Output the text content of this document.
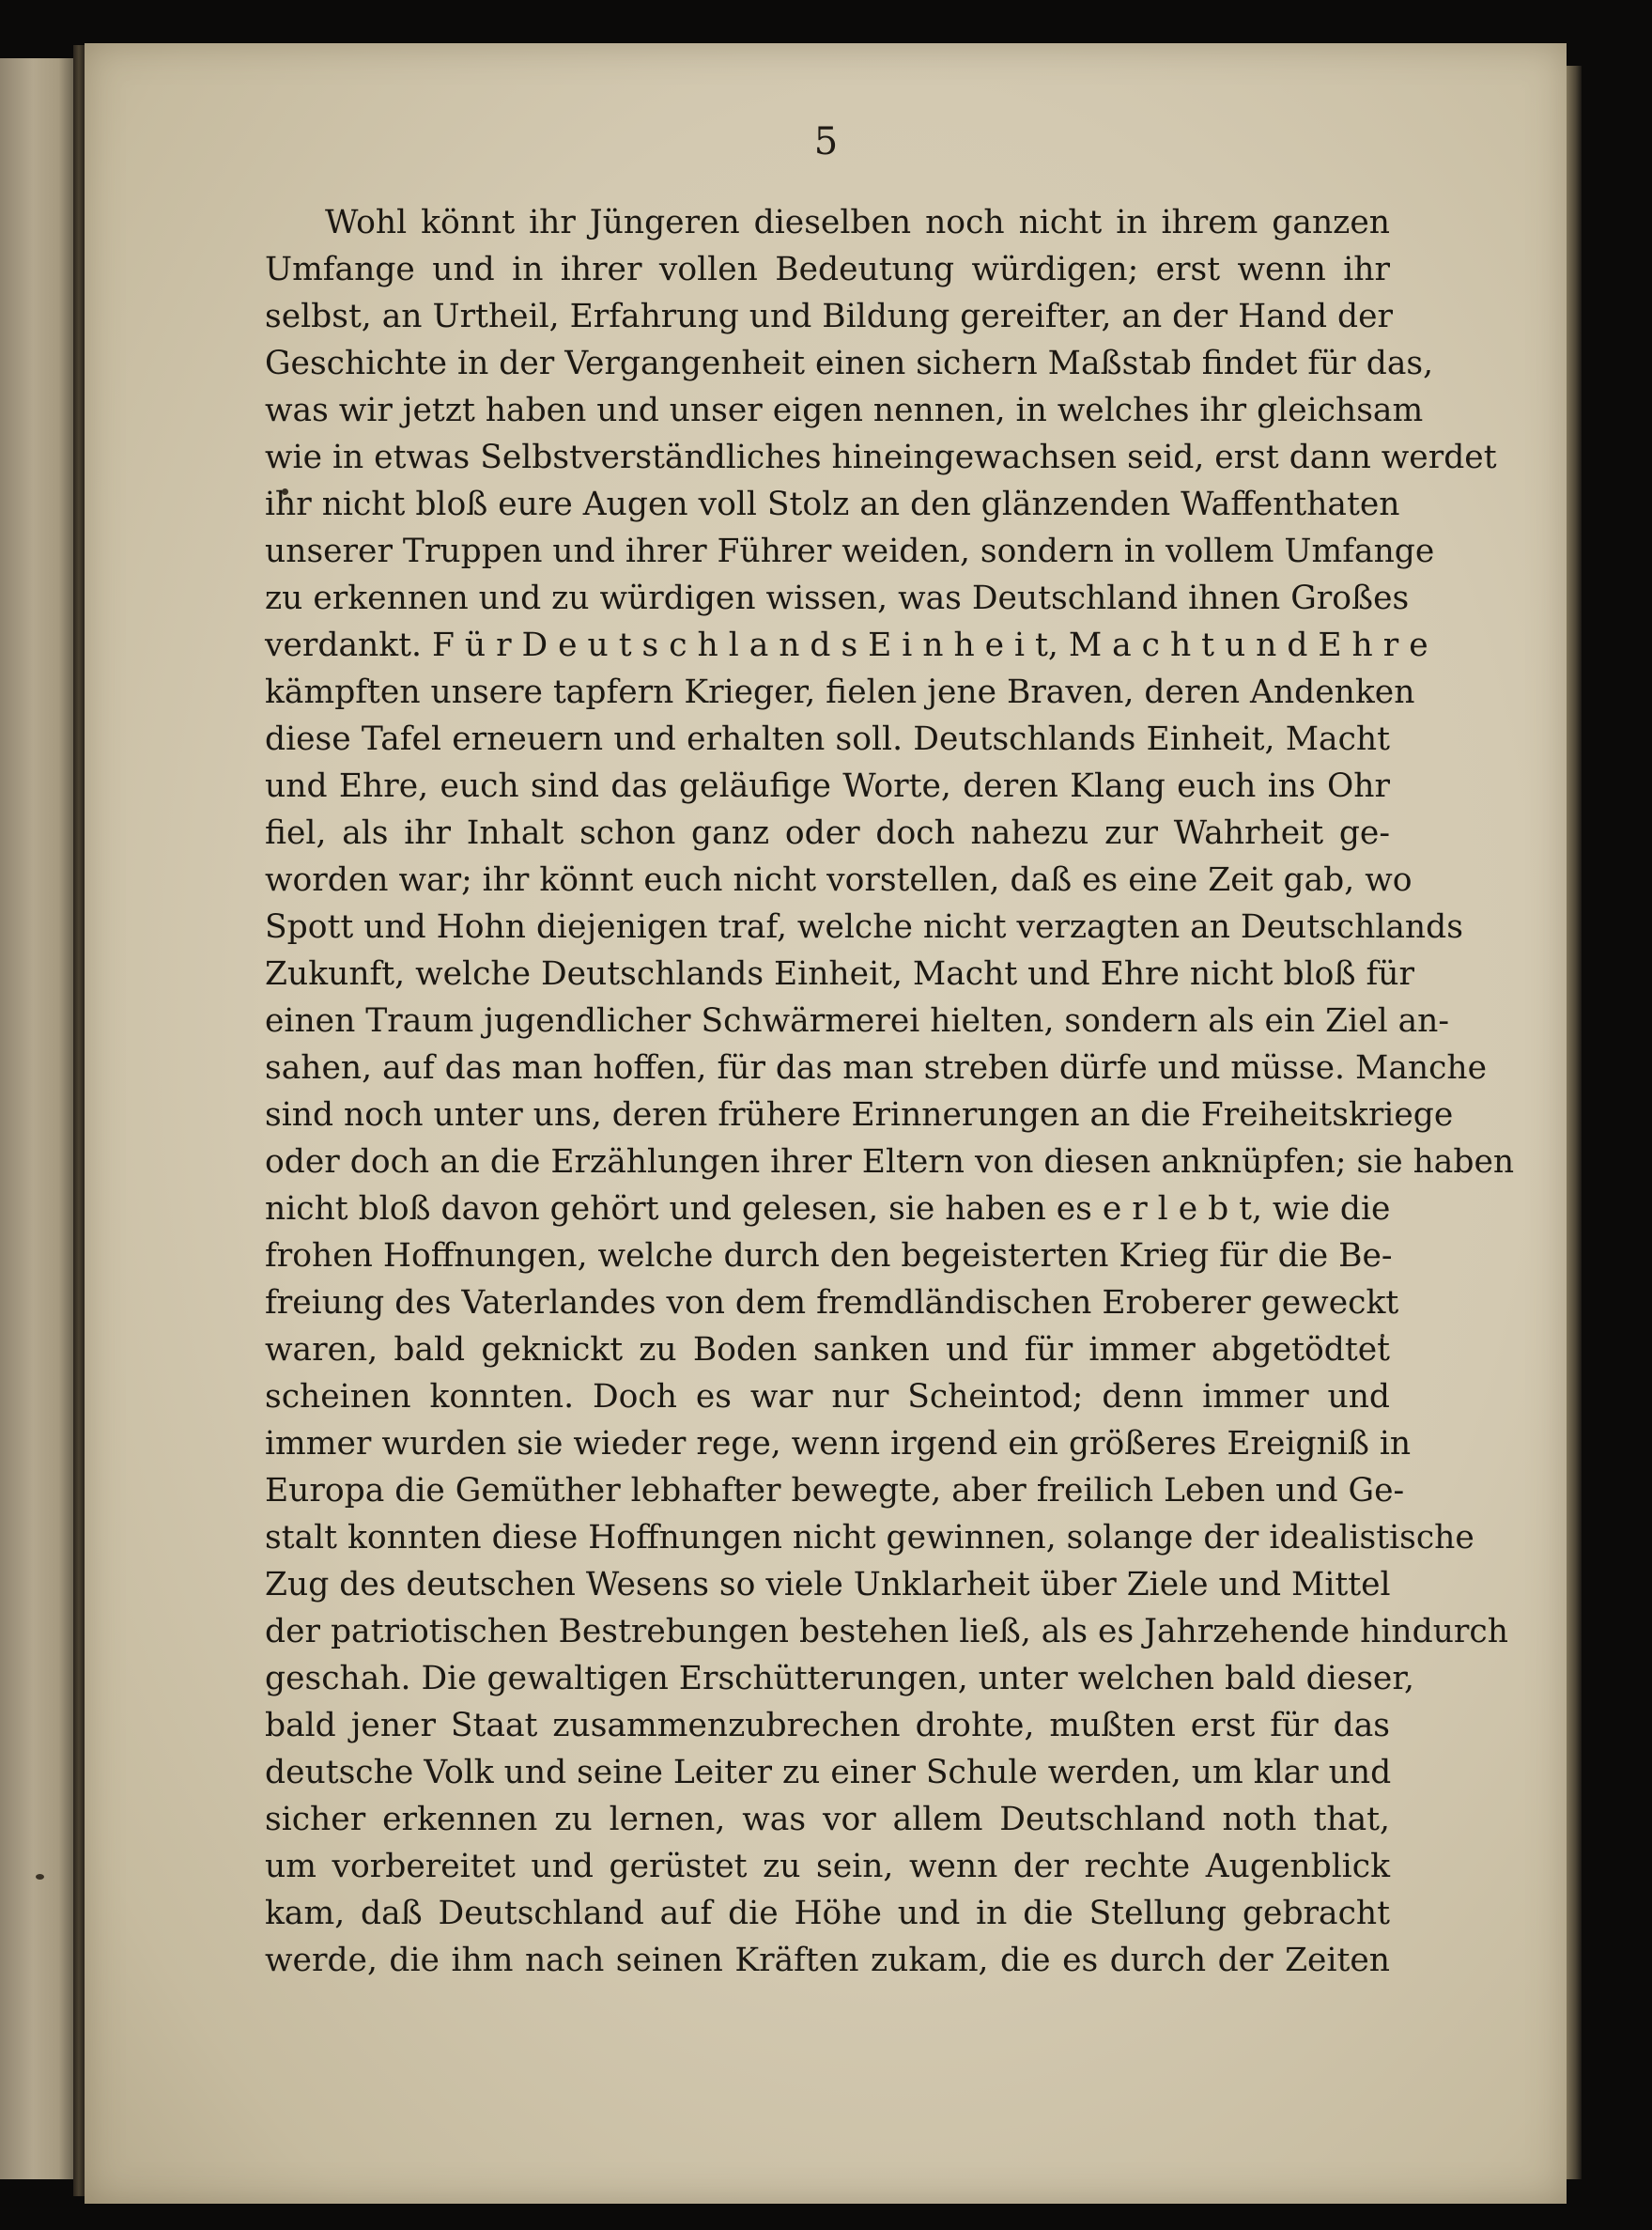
5
Wohl könnt ihr Jüngeren dieselben noch nicht in ihrem ganzen
Umfange und in ihrer vollen Bedeutung würdigen; erst wenn ihr
selbst, an Urtheil, Erfahrung und Bildung gereifter, an der Hand der
Geschichte in der Vergangenheit einen sichern Maßstab findet für das,
was wir jetzt haben und unser eigen nennen, in welches ihr gleichsam
wie in etwas Selbstverständliches hineingewachsen seid, erst dann werdet
ihr nicht bloß eure Augen voll Stolz an den glänzenden Waffenthaten
unserer Truppen und ihrer Führer weiden, sondern in vollem Umfange
zu erkennen und zu würdigen wissen, was Deutschland ihnen Großes
verdankt. F ü r D e u t s c h l a n d s E i n h e i t, M a c h t u n d E h r e
kämpften unsere tapfern Krieger, fielen jene Braven, deren Andenken
diese Tafel erneuern und erhalten soll. Deutschlands Einheit, Macht
und Ehre, euch sind das geläufige Worte, deren Klang euch ins Ohr
fiel, als ihr Inhalt schon ganz oder doch nahezu zur Wahrheit ge-
worden war; ihr könnt euch nicht vorstellen, daß es eine Zeit gab, wo
Spott und Hohn diejenigen traf, welche nicht verzagten an Deutschlands
Zukunft, welche Deutschlands Einheit, Macht und Ehre nicht bloß für
einen Traum jugendlicher Schwärmerei hielten, sondern als ein Ziel an-
sahen, auf das man hoffen, für das man streben dürfe und müsse. Manche
sind noch unter uns, deren frühere Erinnerungen an die Freiheitskriege
oder doch an die Erzählungen ihrer Eltern von diesen anknüpfen; sie haben
nicht bloß davon gehört und gelesen, sie haben es e r l e b t, wie die
frohen Hoffnungen, welche durch den begeisterten Krieg für die Be-
freiung des Vaterlandes von dem fremdländischen Eroberer geweckt
waren, bald geknickt zu Boden sanken und für immer abgetödtet
scheinen konnten. Doch es war nur Scheintod; denn immer und
immer wurden sie wieder rege, wenn irgend ein größeres Ereigniß in
Europa die Gemüther lebhafter bewegte, aber freilich Leben und Ge-
stalt konnten diese Hoffnungen nicht gewinnen, solange der idealistische
Zug des deutschen Wesens so viele Unklarheit über Ziele und Mittel
der patriotischen Bestrebungen bestehen ließ, als es Jahrzehende hindurch
geschah. Die gewaltigen Erschütterungen, unter welchen bald dieser,
bald jener Staat zusammenzubrechen drohte, mußten erst für das
deutsche Volk und seine Leiter zu einer Schule werden, um klar und
sicher erkennen zu lernen, was vor allem Deutschland noth that,
um vorbereitet und gerüstet zu sein, wenn der rechte Augenblick
kam, daß Deutschland auf die Höhe und in die Stellung gebracht
werde, die ihm nach seinen Kräften zukam, die es durch der Zeiten
